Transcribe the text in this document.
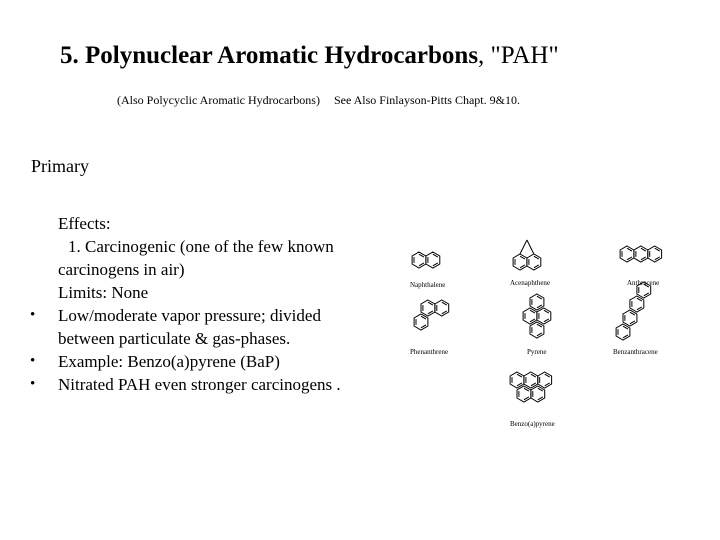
5. Polynuclear Aromatic Hydrocarbons, "PAH"
(Also Polycyclic Aromatic Hydrocarbons) See Also Finlayson-Pitts Chapt. 9&10.
Primary
Effects:
1. Carcinogenic (one of the few known
carcinogens in air)
Limits: None
• Low/moderate vapor pressure; divided
between particulate & gas-phases.
• Example: Benzo(a)pyrene (BaP)
• Nitrated PAH even stronger carcinogens .
Naphthalene	Acenaphthene	Anthracene
Phenanthrene	Pyrene	Benzanthracene
Benzo(a)pyrene
